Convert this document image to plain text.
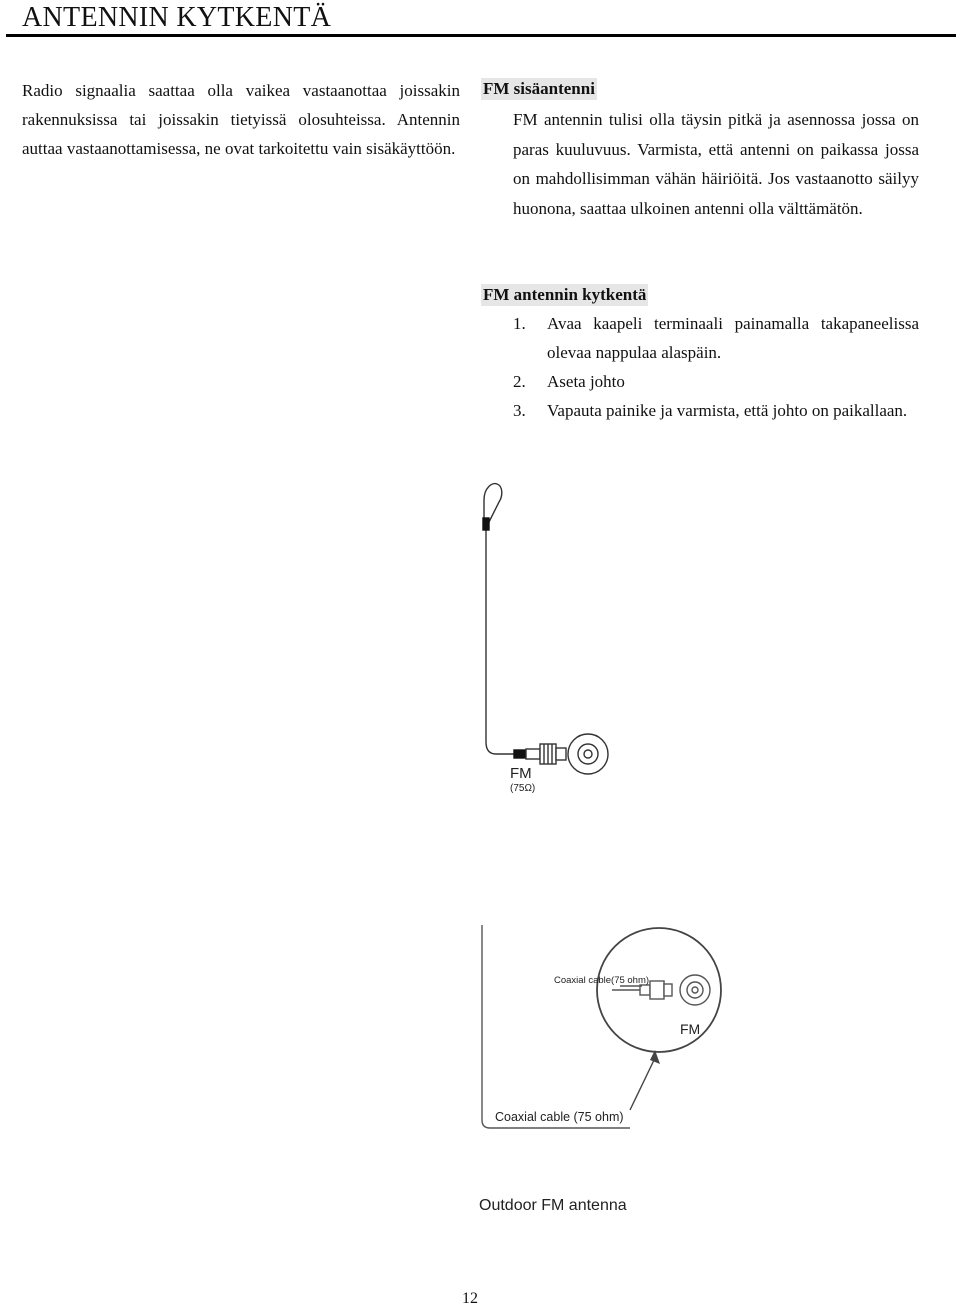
ANTENNIN KYTKENTÄ

Radio signaalia saattaa olla vaikea vastaanottaa joissakin rakennuksissa tai joissakin tietyissä olosuhteissa. Antennin auttaa vastaanottamisessa, ne ovat tarkoitettu vain sisäkäyttöön.

FM sisäantenni

FM antennin tulisi olla täysin pitkä ja asennossa jossa on paras kuuluvuus. Varmista, että antenni on paikassa jossa on mahdollisimman vähän häiriöitä. Jos vastaanotto säilyy huonona, saattaa ulkoinen antenni olla välttämätön.

FM antennin kytkentä
1.	Avaa kaapeli terminaali painamalla takapaneelissa olevaa nappulaa alaspäin.
2.	Aseta johto
3.	Vapauta painike ja varmista, että johto on paikallaan.
FM
(75Ω)
Coaxial cable(75 ohm)
FM
Coaxial cable (75 ohm)
Outdoor FM antenna
12
